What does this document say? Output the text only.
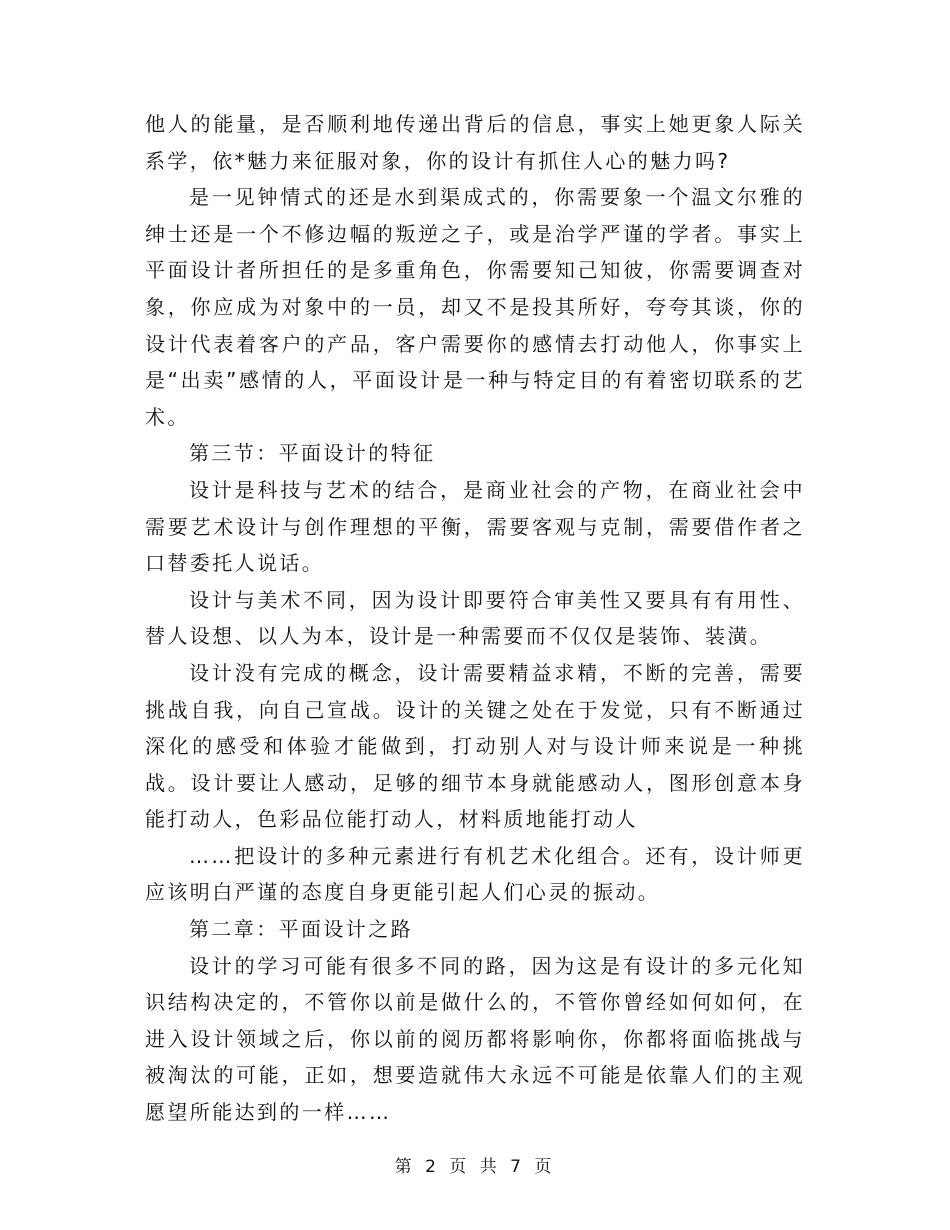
他人的能量，是否顺利地传递出背后的信息，事实上她更象人际关系学，依*魅力来征服对象，你的设计有抓住人心的魅力吗?

是一见钟情式的还是水到渠成式的，你需要象一个温文尔雅的绅士还是一个不修边幅的叛逆之子，或是治学严谨的学者。事实上平面设计者所担任的是多重角色，你需要知己知彼，你需要调查对象，你应成为对象中的一员，却又不是投其所好，夸夸其谈，你的设计代表着客户的产品，客户需要你的感情去打动他人，你事实上是“出卖”感情的人，平面设计是一种与特定目的有着密切联系的艺术。

第三节：平面设计的特征

设计是科技与艺术的结合，是商业社会的产物，在商业社会中需要艺术设计与创作理想的平衡，需要客观与克制，需要借作者之口替委托人说话。

设计与美术不同，因为设计即要符合审美性又要具有有用性、替人设想、以人为本，设计是一种需要而不仅仅是装饰、装潢。

设计没有完成的概念，设计需要精益求精，不断的完善，需要挑战自我，向自己宣战。设计的关键之处在于发觉，只有不断通过深化的感受和体验才能做到，打动别人对与设计师来说是一种挑战。设计要让人感动，足够的细节本身就能感动人，图形创意本身能打动人，色彩品位能打动人，材料质地能打动人

……把设计的多种元素进行有机艺术化组合。还有，设计师更应该明白严谨的态度自身更能引起人们心灵的振动。

第二章：平面设计之路

设计的学习可能有很多不同的路，因为这是有设计的多元化知识结构决定的，不管你以前是做什么的，不管你曾经如何如何，在进入设计领域之后，你以前的阅历都将影响你，你都将面临挑战与被淘汰的可能，正如，想要造就伟大永远不可能是依靠人们的主观愿望所能达到的一样……

第 2 页 共 7 页
